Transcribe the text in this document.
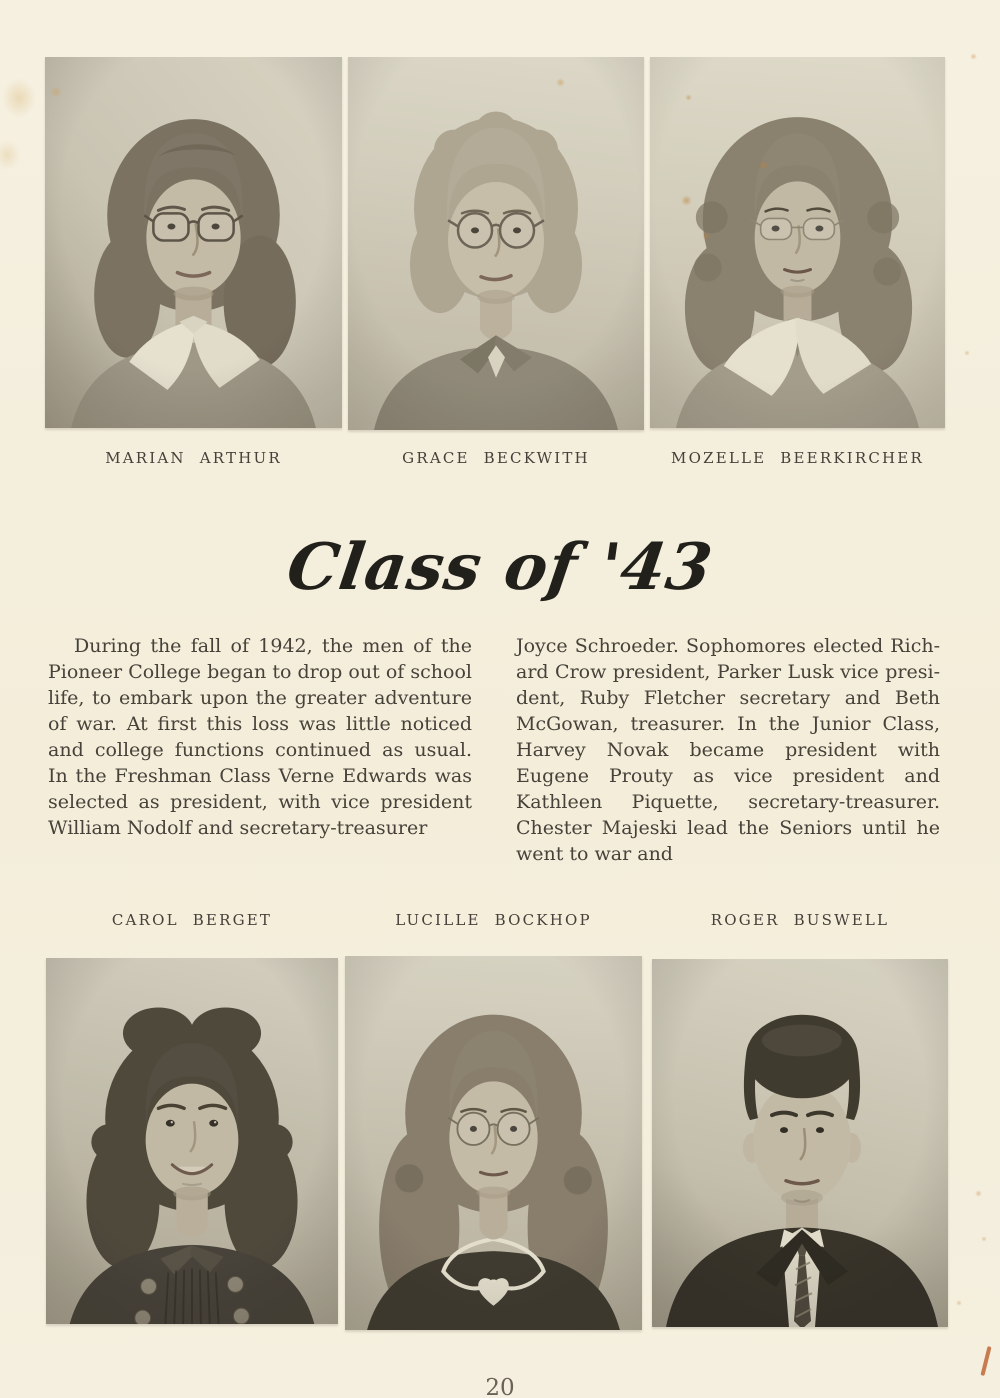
MARIAN ARTHUR	GRACE BECKWITH	MOZELLE BEERKIRCHER
Class of '43

During the fall of 1942, the men of the Pioneer College began to drop out of school life, to embark upon the greater adventure of war. At first this loss was little noticed and college functions continued as usual. In the Freshman Class Verne Edwards was selected as president, with vice president William Nodolf and secretary-treasurer

Joyce Schroeder. Sophomores elected Richard Crow president, Parker Lusk vice president, Ruby Fletcher secretary and Beth McGowan, treasurer. In the Junior Class, Harvey Novak became president with Eugene Prouty as vice president and Kathleen Piquette, secretary-treasurer. Chester Majeski lead the Seniors until he went to war and

CAROL BERGET	LUCILLE BOCKHOP	ROGER BUSWELL
20
